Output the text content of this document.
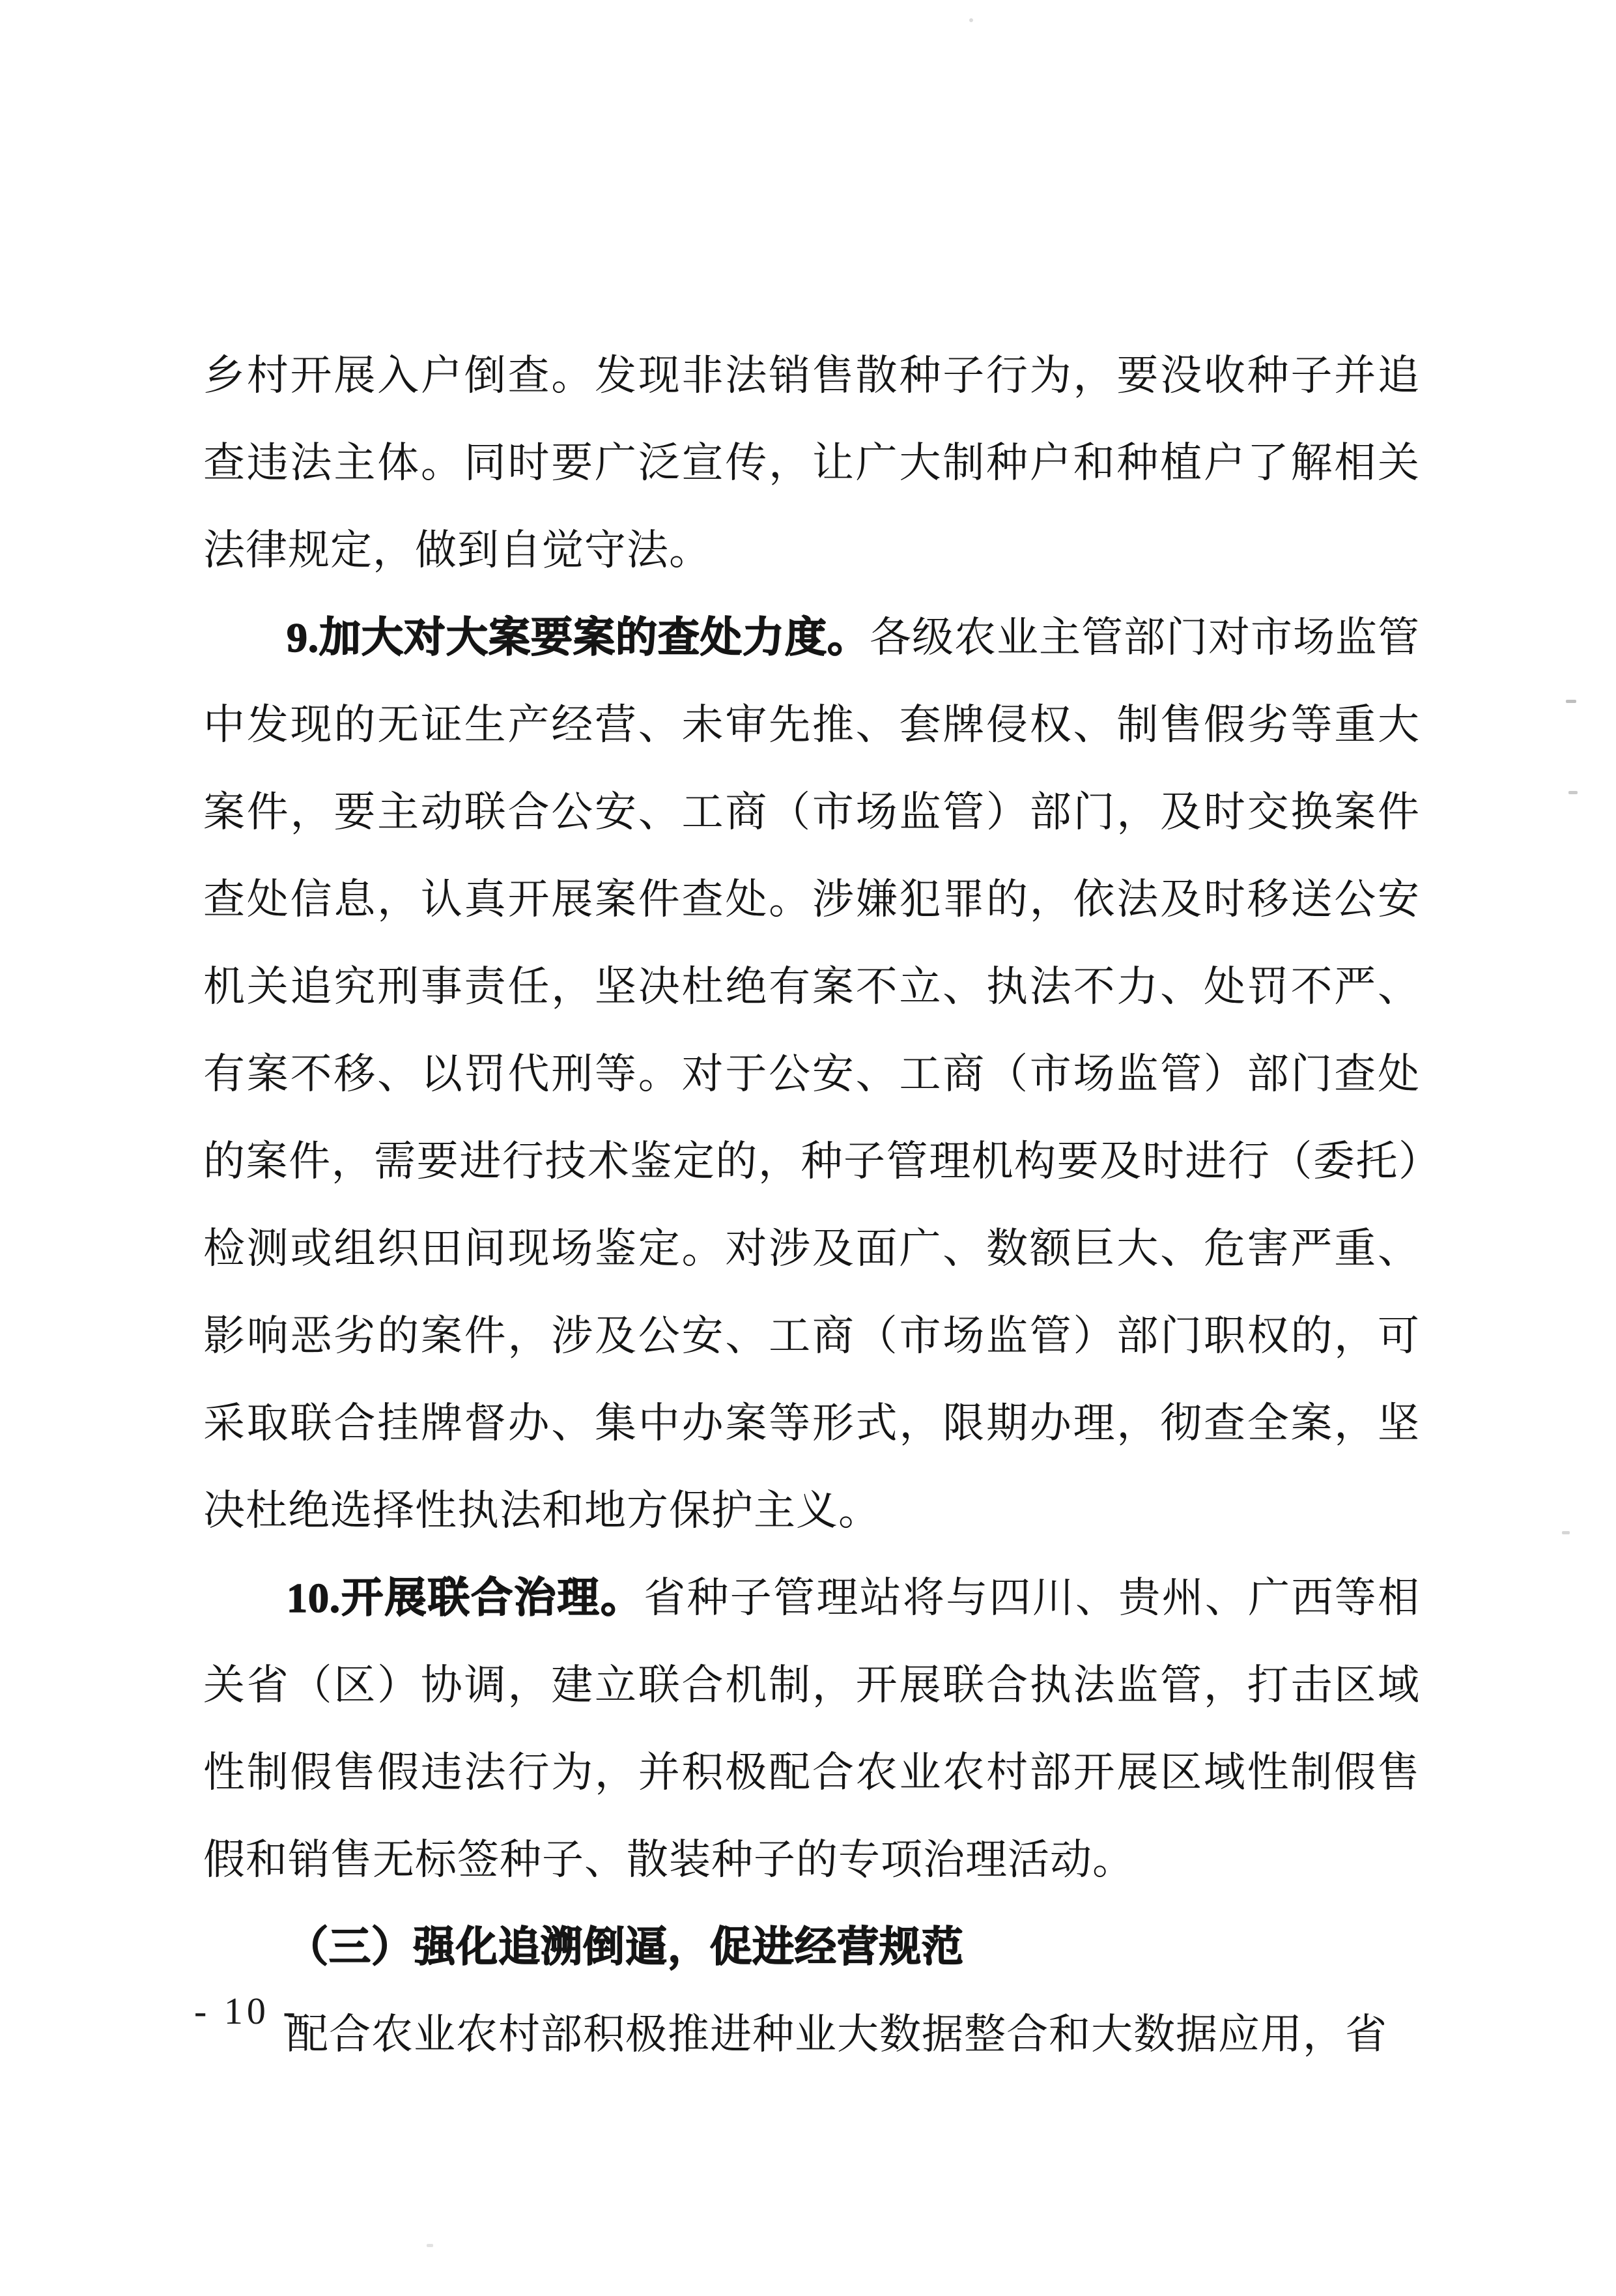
乡村开展入户倒查。发现非法销售散种子行为，要没收种子并追查违法主体。同时要广泛宣传，让广大制种户和种植户了解相关法律规定，做到自觉守法。

9.加大对大案要案的查处力度。各级农业主管部门对市场监管中发现的无证生产经营、未审先推、套牌侵权、制售假劣等重大案件，要主动联合公安、工商（市场监管）部门，及时交换案件查处信息，认真开展案件查处。涉嫌犯罪的，依法及时移送公安机关追究刑事责任，坚决杜绝有案不立、执法不力、处罚不严、有案不移、以罚代刑等。对于公安、工商（市场监管）部门查处的案件，需要进行技术鉴定的，种子管理机构要及时进行（委托）检测或组织田间现场鉴定。对涉及面广、数额巨大、危害严重、影响恶劣的案件，涉及公安、工商（市场监管）部门职权的，可采取联合挂牌督办、集中办案等形式，限期办理，彻查全案，坚决杜绝选择性执法和地方保护主义。

10.开展联合治理。省种子管理站将与四川、贵州、广西等相关省（区）协调，建立联合机制，开展联合执法监管，打击区域性制假售假违法行为，并积极配合农业农村部开展区域性制假售假和销售无标签种子、散装种子的专项治理活动。

（三）强化追溯倒逼，促进经营规范

配合农业农村部积极推进种业大数据整合和大数据应用，省

- 10 -
